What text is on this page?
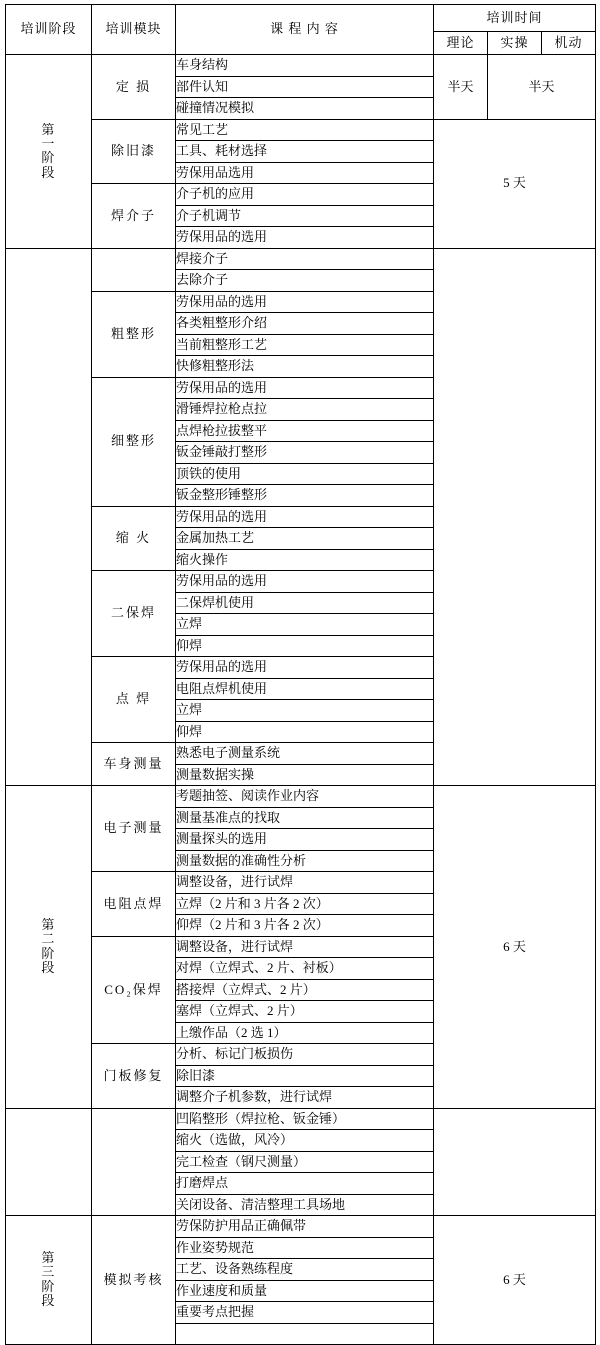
培训阶段	培训模块	课 程 内 容	培训时间		
			理论	实操	机动

第一阶段	定 损	车身结构	半天	半天	
		部件认知			
		碰撞情况模拟			
	除旧漆	常见工艺	5 天		
		工具、耗材选择			
		劳保用品选用			
	焊介子	介子机的应用			
		介子机调节			
		劳保用品的选用			
		焊接介子			
		去除介子			
	粗整形	劳保用品的选用			
		各类粗整形介绍			
		当前粗整形工艺			
		快修粗整形法			
	细整形	劳保用品的选用			
		滑锤焊拉枪点拉			
		点焊枪拉拔整平			
		钣金锤敲打整形			
		顶铁的使用			
		钣金整形锤整形			
	缩 火	劳保用品的选用			
		金属加热工艺			
		缩火操作			
	二保焊	劳保用品的选用			
		二保焊机使用			
		立焊			
		仰焊			
	点 焊	劳保用品的选用			
		电阻点焊机使用			
		立焊			
		仰焊			
	车身测量	熟悉电子测量系统			
		测量数据实操			

第二阶段	电子测量	考题抽签、阅读作业内容	6 天		
		测量基准点的找取			
		测量探头的选用			
		测量数据的准确性分析			
	电阻点焊	调整设备，进行试焊			
		立焊（2 片和 3 片各 2 次）			
		仰焊（2 片和 3 片各 2 次）			
	CO₂保焊	调整设备，进行试焊			
		对焊（立焊式、2 片、衬板）			
		搭接焊（立焊式、2 片）			
		塞焊（立焊式、2 片）			
		上缴作品（2 选 1）			
	门板修复	分析、标记门板损伤			
		除旧漆			
		调整介子机参数，进行试焊			
		凹陷整形（焊拉枪、钣金锤）			
		缩火（选做，风冷）			
		完工检查（钢尺测量）			
		打磨焊点			
		关闭设备、清洁整理工具场地			

第三阶段	模拟考核	劳保防护用品正确佩带	6 天		
		作业姿势规范			
		工艺、设备熟练程度			
		作业速度和质量			
		重要考点把握			
